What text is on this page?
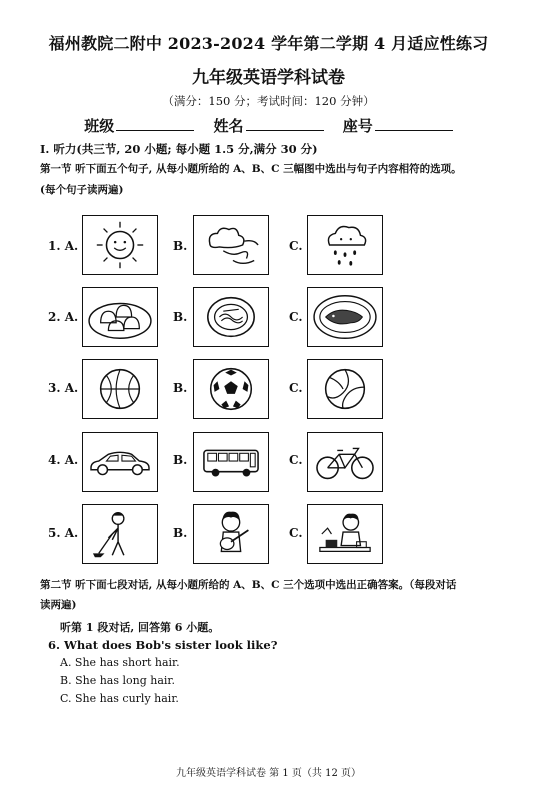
福州教院二附中 2023-2024 学年第二学期 4 月适应性练习
九年级英语学科试卷
（满分：150 分；考试时间：120 分钟）
班级	姓名	座号
I. 听力(共三节, 20 小题; 每小题 1.5 分,满分 30 分)
第一节 听下面五个句子, 从每小题所给的 A、B、C 三幅图中选出与句子内容相符的选项。
(每个句子读两遍)
1. A.	B.	C.
2. A.	B.	C.
3. A.	B.	C.
4. A.	B.	C.
5. A.	B.	C.
第二节 听下面七段对话, 从每小题所给的 A、B、C 三个选项中选出正确答案。（每段对话
读两遍)
听第 1 段对话, 回答第 6 小题。
6. What does Bob's sister look like?
A. She has short hair.
B. She has long hair.
C. She has curly hair.
九年级英语学科试卷 第 1 页（共 12 页）
